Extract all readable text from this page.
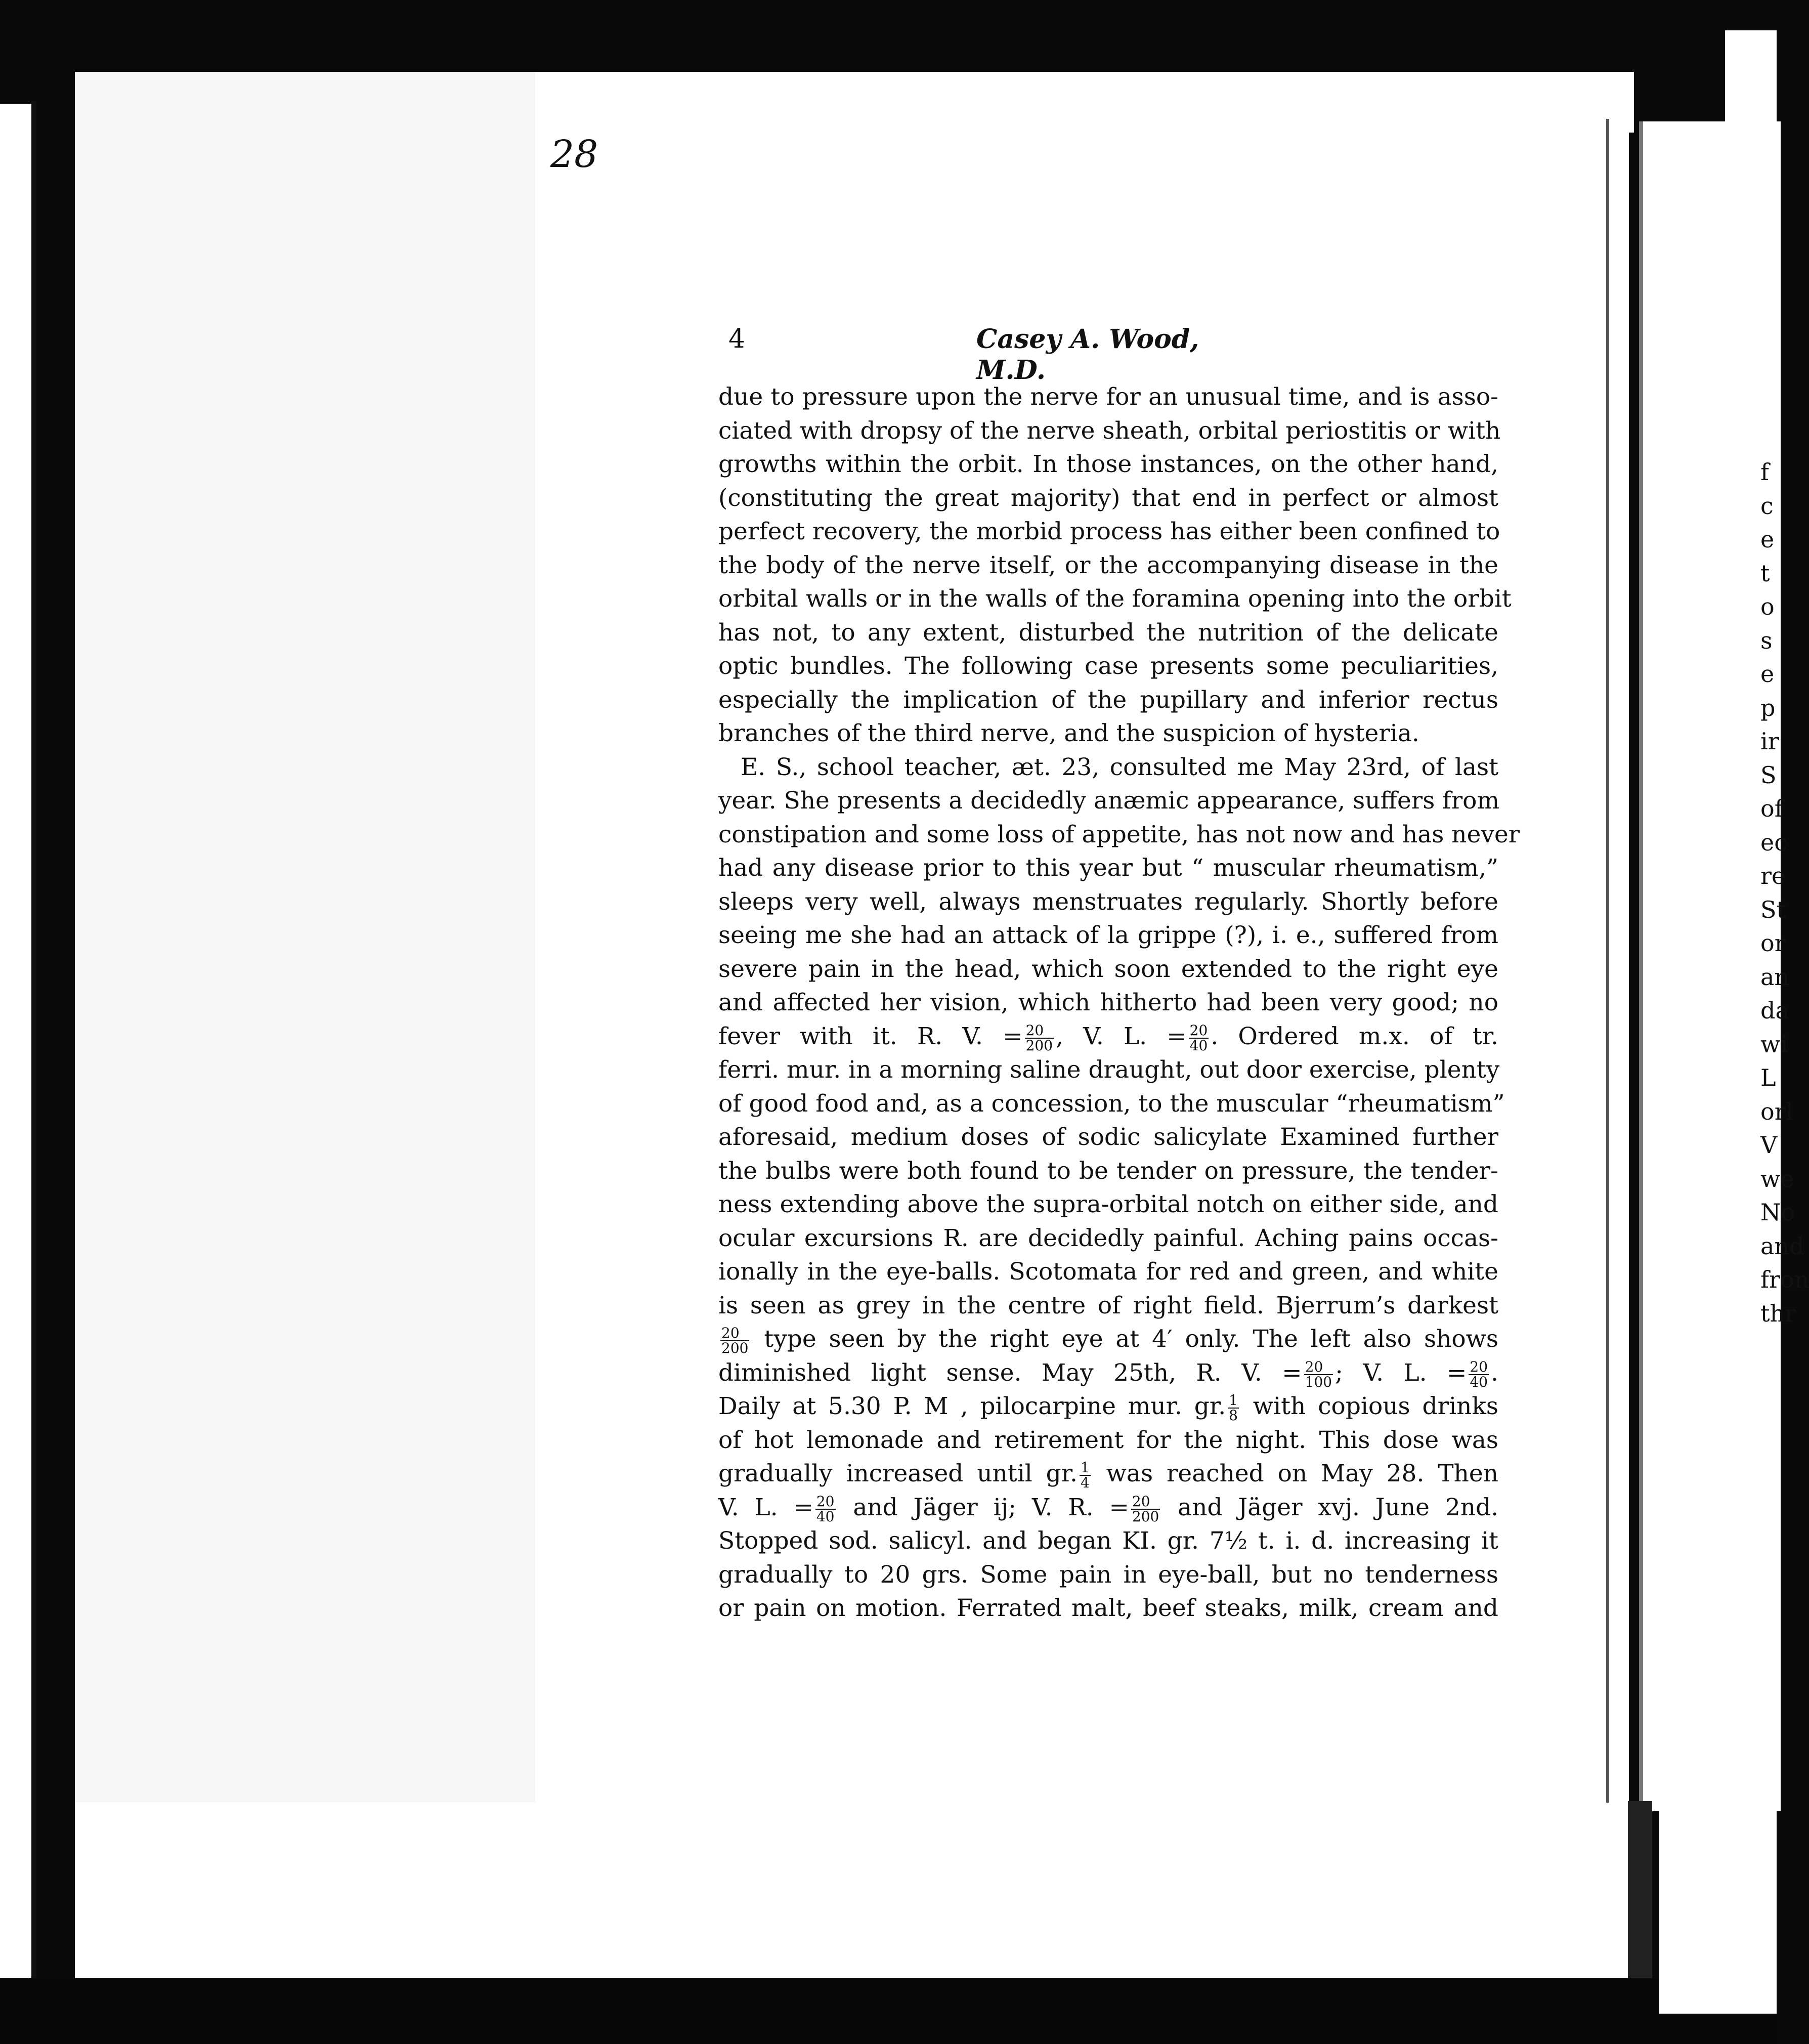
28
4	Casey A. Wood, M.D.
due to pressure upon the nerve for an unusual time, and is asso-
ciated with dropsy of the nerve sheath, orbital periostitis or with
growths within the orbit. In those instances, on the other hand,
(constituting the great majority) that end in perfect or almost
perfect recovery, the morbid process has either been confined to
the body of the nerve itself, or the accompanying disease in the
orbital walls or in the walls of the foramina opening into the orbit
has not, to any extent, disturbed the nutrition of the delicate
optic bundles. The following case presents some peculiarities,
especially the implication of the pupillary and inferior rectus
branches of the third nerve, and the suspicion of hysteria.
E. S., school teacher, æt. 23, consulted me May 23rd, of last
year. She presents a decidedly anæmic appearance, suffers from
constipation and some loss of appetite, has not now and has never
had any disease prior to this year but “ muscular rheumatism,”
sleeps very well, always menstruates regularly. Shortly before
seeing me she had an attack of la grippe (?), i. e., suffered from
severe pain in the head, which soon extended to the right eye
and affected her vision, which hitherto had been very good; no
fever with it. R. V. = $\frac{20}{200}$ , V. L. = $\frac{20}{40}$ . Ordered m.x. of tr.
ferri. mur. in a morning saline draught, out door exercise, plenty
of good food and, as a concession, to the muscular “rheumatism”
aforesaid, medium doses of sodic salicylate Examined further
the bulbs were both found to be tender on pressure, the tender-
ness extending above the supra-orbital notch on either side, and
ocular excursions R. are decidedly painful. Aching pains occas-
ionally in the eye-balls. Scotomata for red and green, and white
is seen as grey in the centre of right field. Bjerrum’s darkest
$\frac{20}{200}$ type seen by the right eye at 4′ only. The left also shows
diminished light sense. May 25th, R. V. = $\frac{20}{100}$ ; V. L. = $\frac{20}{40}$ .
Daily at 5.30 P. M , pilocarpine mur. gr. $\frac{1}{8}$ with copious drinks
of hot lemonade and retirement for the night. This dose was
gradually increased until gr. $\frac{1}{4}$ was reached on May 28. Then
V. L. = $\frac{20}{40}$ and Jäger ij; V. R. = $\frac{20}{200}$ and Jäger xvj. June 2nd.
Stopped sod. salicyl. and began KI. gr. 7½ t. i. d. increasing it
gradually to 20 grs. Some pain in eye-ball, but no tenderness
or pain on motion. Ferrated malt, beef steaks, milk, cream and
f
c
e
t
o
s
e
p
ir
S
of
ec
re
St
or
an
da
wi
L
orl
V
we
No
and
fron
thr
